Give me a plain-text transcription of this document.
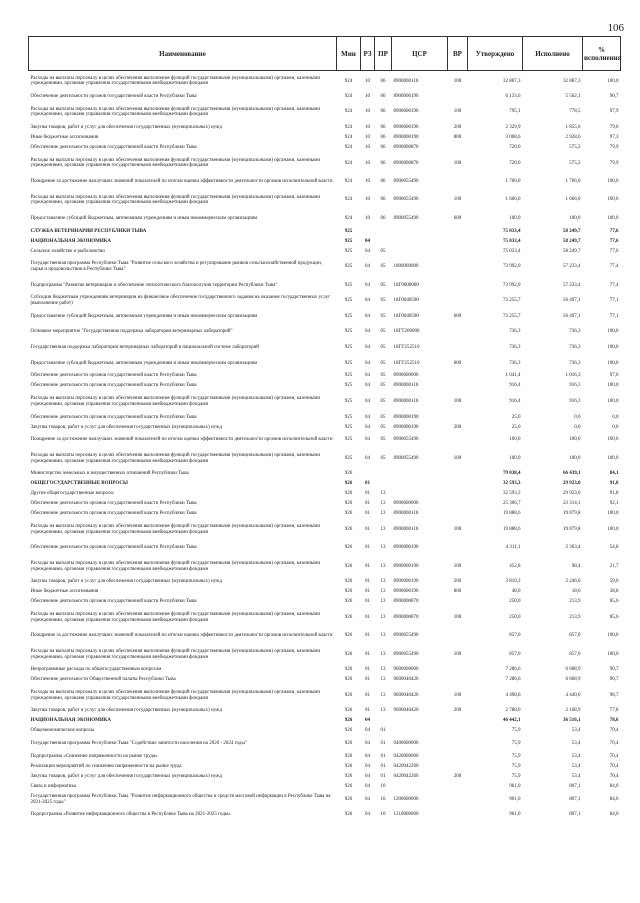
106
Наименование	Мин	РЗ	ПР	ЦСР	ВР	Утверждено	Исполнено	% исполнения
Расходы на выплаты персоналу в целях обеспечения выполнения функций государственными (муниципальными) органами, казенными учреждениями, органами управления государственными внебюджетными фондами	924	10	06	8900000110	100	32 887,3	32 887,3	100,0
Обеспечение деятельности органов государственной власти Республики Тыва	924	10	06	8900000190		6 133,6	5 562,1	90,7
Расходы на выплаты персоналу в целях обеспечения выполнения функций государственными (муниципальными) органами, казенными учреждениями, органами управления государственными внебюджетными фондами	924	10	06	8900000190	100	795,1	778,5	97,9
Закупка товаров, работ и услуг для обеспечения государственных (муниципальных) нужд	924	10	06	8900000190	200	2 329,9	1 855,0	79,6
Иные бюджетные ассигнования	924	10	06	8900000190	800	3 008,6	2 928,6	97,3
Обеспечение деятельности органов государственной власти Республики Тыва	924	10	06	8900000870		720,0	575,2	79,9
Расходы на выплаты персоналу в целях обеспечения выполнения функций государственными (муниципальными) органами, казенными учреждениями, органами управления государственными внебюджетными фондами	924	10	06	8900000870	100	720,0	575,2	79,9
Поощрение за достижение наилучших значений показателей по итогам оценки эффективности деятельности органов исполнительной власти	924	10	06	8900055490		1 766,0	1 766,0	100,0
Расходы на выплаты персоналу в целях обеспечения выполнения функций государственными (муниципальными) органами, казенными учреждениями, органами управления государственными внебюджетными фондами	924	10	06	8900055490	100	1 666,0	1 666,0	100,0
Предоставление субсидий бюджетным, автономным учреждениям и иным некоммерческим организациям	924	10	06	8900055490	600	100,0	100,0	100,0
СЛУЖБА ВЕТЕРИНАРИИ РЕСПУБЛИКИ ТЫВА	925					75 033,4	58 249,7	77,6
НАЦИОНАЛЬНАЯ ЭКОНОМИКА	925	04				75 033,4	58 249,7	77,6
Сельское хозяйство и рыболовство	925	04	05			75 033,4	58 249,7	77,6
Государственная программа Республики Тыва "Развитие сельского хозяйства и регулирование рынков сельскохозяйственной продукции, сырья и продовольствия в Республике Тыва"	925	04	05	1800000000		73 992,0	57 233,4	77,4
Подпрограмма "Развитие ветеринарии и обеспечение эпизоотического благополучия территории Республики Тыва"	925	04	05	18Г0000000		73 992,0	57 233,4	77,4
Субсидии бюджетным учреждениям ветеринарии на финансовое обеспечение государственного задания на оказание государственных услуг (выполнение работ)	925	04	05	18Г0040590		73 255,7	56 497,1	77,1
Предоставление субсидий бюджетным, автономным учреждениям и иным некоммерческим организациям	925	04	05	18Г0040590	600	73 255,7	56 497,1	77,1
Основное мероприятие "Государственная поддержка лаборатории ветеринарных лабораторий"	925	04	05	18ГТ200000		736,3	736,3	100,0
Государственная поддержка лаборатории ветеринарных лабораторий в национальной системе лабораторий	925	04	05	18ГТ252510		736,3	736,3	100,0
Предоставление субсидий бюджетным, автономным учреждениям и иным некоммерческим организациям	925	04	05	18ГТ252510	600	736,3	736,3	100,0
Обеспечение деятельности органов государственной власти Республики Тыва	925	04	05	8900000000		1 041,4	1 016,3	97,6
Обеспечение деятельности органов государственной власти Республики Тыва	925	04	05	8900000110		916,4	916,3	100,0
Расходы на выплаты персоналу в целях обеспечения выполнения функций государственными (муниципальными) органами, казенными учреждениями, органами управления государственными внебюджетными фондами	925	04	05	8900000110	100	916,4	916,3	100,0
Обеспечение деятельности органов государственной власти Республики Тыва	925	04	05	8900000190		25,0	0,0	0,0
Закупка товаров, работ и услуг для обеспечения государственных (муниципальных) нужд	925	04	05	8900000190	200	25,0	0,0	0,0
Поощрение за достижение наилучших значений показателей по итогам оценки эффективности деятельности органов исполнительной власти	925	04	05	8900055490		100,0	100,0	100,0
Расходы на выплаты персоналу в целях обеспечения выполнения функций государственными (муниципальными) органами, казенными учреждениями, органами управления государственными внебюджетными фондами	925	04	05	8900055490	100	100,0	100,0	100,0
Министерство земельных и имущественных отношений Республики Тыва	926					79 038,4	66 439,1	84,1
ОБЩЕГОСУДАРСТВЕННЫЕ ВОПРОСЫ	926	01				32 593,3	29 923,0	91,8
Другие общегосударственные вопросы	926	01	13			32 593,3	29 923,0	91,8
Обеспечение деятельности органов государственной власти Республики Тыва	926	01	13	8900000000		25 306,7	23 314,1	92,1
Обеспечение деятельности органов государственной власти Республики Тыва	926	01	13	8900000110		19 888,6	19 879,8	100,0
Расходы на выплаты персоналу в целях обеспечения выполнения функций государственными (муниципальными) органами, казенными учреждениями, органами управления государственными внебюджетными фондами	926	01	13	8900000110	100	19 888,6	19 879,8	100,0
Обеспечение деятельности органов государственной власти Республики Тыва	926	01	13	8900000190		4 311,1	2 363,4	54,8
Расходы на выплаты персоналу в целях обеспечения выполнения функций государственными (муниципальными) органами, казенными учреждениями, органами управления государственными внебюджетными фондами	926	01	13	8900000190	100	452,8	98,4	21,7
Закупка товаров, работ и услуг для обеспечения государственных (муниципальных) нужд	926	01	13	8900000190	200	3 810,3	2 246,6	59,0
Иные бюджетные ассигнования	926	01	13	8900000190	800	48,0	18,6	38,8
Обеспечение деятельности органов государственной власти Республики Тыва	926	01	13	8900000870		250,0	213,9	85,6
Расходы на выплаты персоналу в целях обеспечения выполнения функций государственными (муниципальными) органами, казенными учреждениями, органами управления государственными внебюджетными фондами	926	01	13	8900000870	100	250,0	213,9	85,6
Поощрение за достижение наилучших значений показателей по итогам оценки эффективности деятельности органов исполнительной власти	926	01	13	8900055490		857,0	857,0	100,0
Расходы на выплаты персоналу в целях обеспечения выполнения функций государственными (муниципальными) органами, казенными учреждениями, органами управления государственными внебюджетными фондами	926	01	13	8900055490	100	857,0	857,0	100,0
Непрограммные расходы по общегосударственным вопросам	926	01	13	9600000000		7 286,6	6 608,9	90,7
Обеспечение деятельности Общественной палаты Республики Тыва	926	01	13	9600040420		7 286,6	6 608,9	90,7
Расходы на выплаты персоналу в целях обеспечения выполнения функций государственными (муниципальными) органами, казенными учреждениями, органами управления государственными внебюджетными фондами	926	01	13	9600040420	100	4 498,6	4 440,0	98,7
Закупка товаров, работ и услуг для обеспечения государственных (муниципальных) нужд	926	01	13	9600040420	200	2 788,0	2 168,9	77,8
НАЦИОНАЛЬНАЯ ЭКОНОМИКА	926	04				46 442,1	36 516,1	78,6
Общеэкономические вопросы	926	04	01			75,9	53,4	70,4
Государственная программа Республики Тыва "Содействие занятости населения на 2020 - 2024 годы"	926	04	01	0400000000		75,9	53,4	70,4
Подпрограмма «Снижение напряженности на рынке труда»	926	04	01	0420000000		75,9	53,4	70,4
Реализация мероприятий по снижению напряженности на рынке труда	926	04	01	0420042260		75,9	53,4	70,4
Закупка товаров, работ и услуг для обеспечения государственных (муниципальных) нужд	926	04	01	0420042260	200	75,9	53,4	70,4
Связь и информатика	926	04	10			961,0	807,1	84,0
Государственная программа Республики Тыва "Развитие информационного общества и средств массовой информации в Республике Тыва на 2021-2025 годы"	926	04	10	1200000000		961,0	807,1	84,0
Подпрограмма «Развитие информационного общества в Республике Тыва на 2021-2025 годы»	926	04	10	1210000000		961,0	807,1	84,0
